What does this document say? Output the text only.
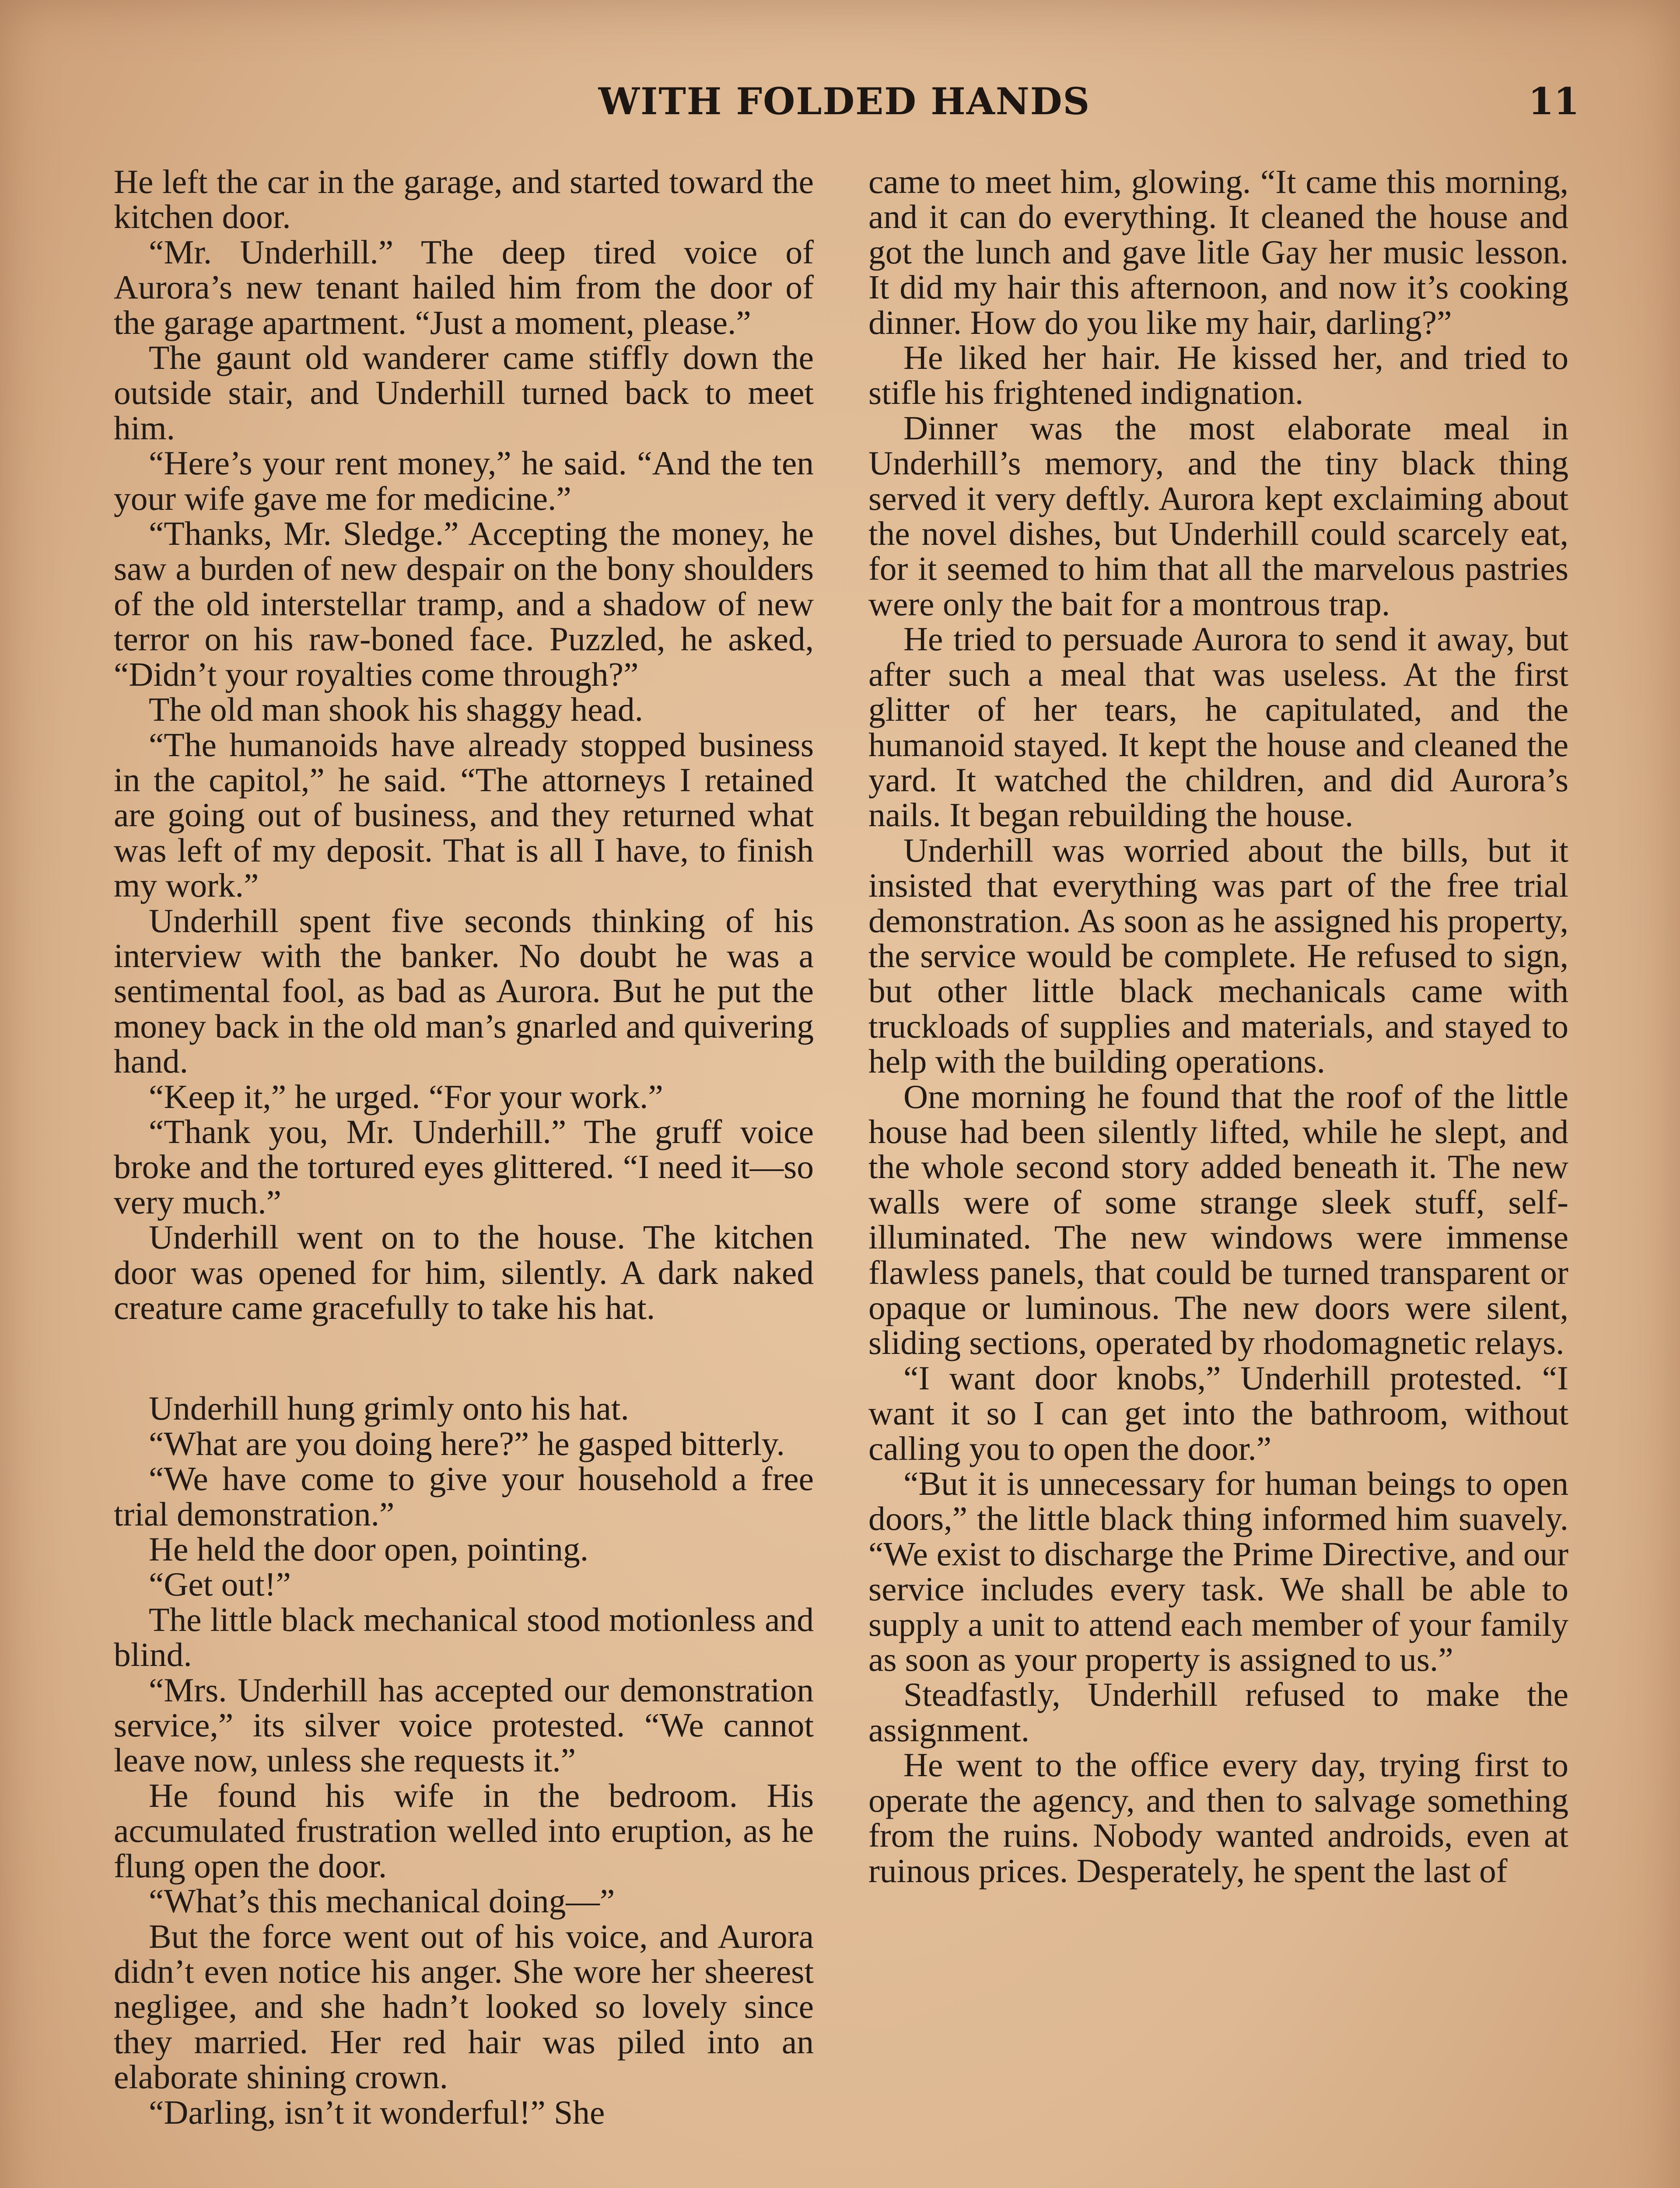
WITH FOLDED HANDS	11

He left the car in the garage, and started toward the kitchen door.

“Mr. Underhill.” The deep tired voice of Aurora’s new tenant hailed him from the door of the garage apartment. “Just a moment, please.”

The gaunt old wanderer came stiffly down the outside stair, and Underhill turned back to meet him.

“Here’s your rent money,” he said. “And the ten your wife gave me for medicine.”

“Thanks, Mr. Sledge.” Accepting the money, he saw a burden of new despair on the bony shoulders of the old interstellar tramp, and a shadow of new terror on his raw-boned face. Puzzled, he asked, “Didn’t your royalties come through?”

The old man shook his shaggy head.

“The humanoids have already stopped business in the capitol,” he said. “The attorneys I retained are going out of business, and they returned what was left of my deposit. That is all I have, to finish my work.”

Underhill spent five seconds thinking of his interview with the banker. No doubt he was a sentimental fool, as bad as Aurora. But he put the money back in the old man’s gnarled and quivering hand.

“Keep it,” he urged. “For your work.”

“Thank you, Mr. Underhill.” The gruff voice broke and the tortured eyes glittered. “I need it—so very much.”

Underhill went on to the house. The kitchen door was opened for him, silently. A dark naked creature came gracefully to take his hat.

Underhill hung grimly onto his hat.

“What are you doing here?” he gasped bitterly.

“We have come to give your household a free trial demonstration.”

He held the door open, pointing.

“Get out!”

The little black mechanical stood motionless and blind.

“Mrs. Underhill has accepted our demonstration service,” its silver voice protested. “We cannot leave now, unless she requests it.”

He found his wife in the bedroom. His accumulated frustration welled into eruption, as he flung open the door.

“What’s this mechanical doing—”

But the force went out of his voice, and Aurora didn’t even notice his anger. She wore her sheerest negligee, and she hadn’t looked so lovely since they married. Her red hair was piled into an elaborate shining crown.

“Darling, isn’t it wonderful!” She

came to meet him, glowing. “It came this morning, and it can do everything. It cleaned the house and got the lunch and gave litle Gay her music lesson. It did my hair this afternoon, and now it’s cooking dinner. How do you like my hair, darling?”

He liked her hair. He kissed her, and tried to stifle his frightened indignation.

Dinner was the most elaborate meal in Underhill’s memory, and the tiny black thing served it very deftly. Aurora kept exclaiming about the novel dishes, but Underhill could scarcely eat, for it seemed to him that all the marvelous pastries were only the bait for a montrous trap.

He tried to persuade Aurora to send it away, but after such a meal that was useless. At the first glitter of her tears, he capitulated, and the humanoid stayed. It kept the house and cleaned the yard. It watched the children, and did Aurora’s nails. It began rebuilding the house.

Underhill was worried about the bills, but it insisted that everything was part of the free trial demonstration. As soon as he assigned his property, the service would be complete. He refused to sign, but other little black mechanicals came with truckloads of supplies and materials, and stayed to help with the building operations.

One morning he found that the roof of the little house had been silently lifted, while he slept, and the whole second story added beneath it. The new walls were of some strange sleek stuff, self-illuminated. The new windows were immense flawless panels, that could be turned transparent or opaque or luminous. The new doors were silent, sliding sections, operated by rhodomagnetic relays.

“I want door knobs,” Underhill protested. “I want it so I can get into the bathroom, without calling you to open the door.”

“But it is unnecessary for human beings to open doors,” the little black thing informed him suavely. “We exist to discharge the Prime Directive, and our service includes every task. We shall be able to supply a unit to attend each member of your family as soon as your property is assigned to us.”

Steadfastly, Underhill refused to make the assignment.

He went to the office every day, trying first to operate the agency, and then to salvage something from the ruins. Nobody wanted androids, even at ruinous prices. Desperately, he spent the last of
